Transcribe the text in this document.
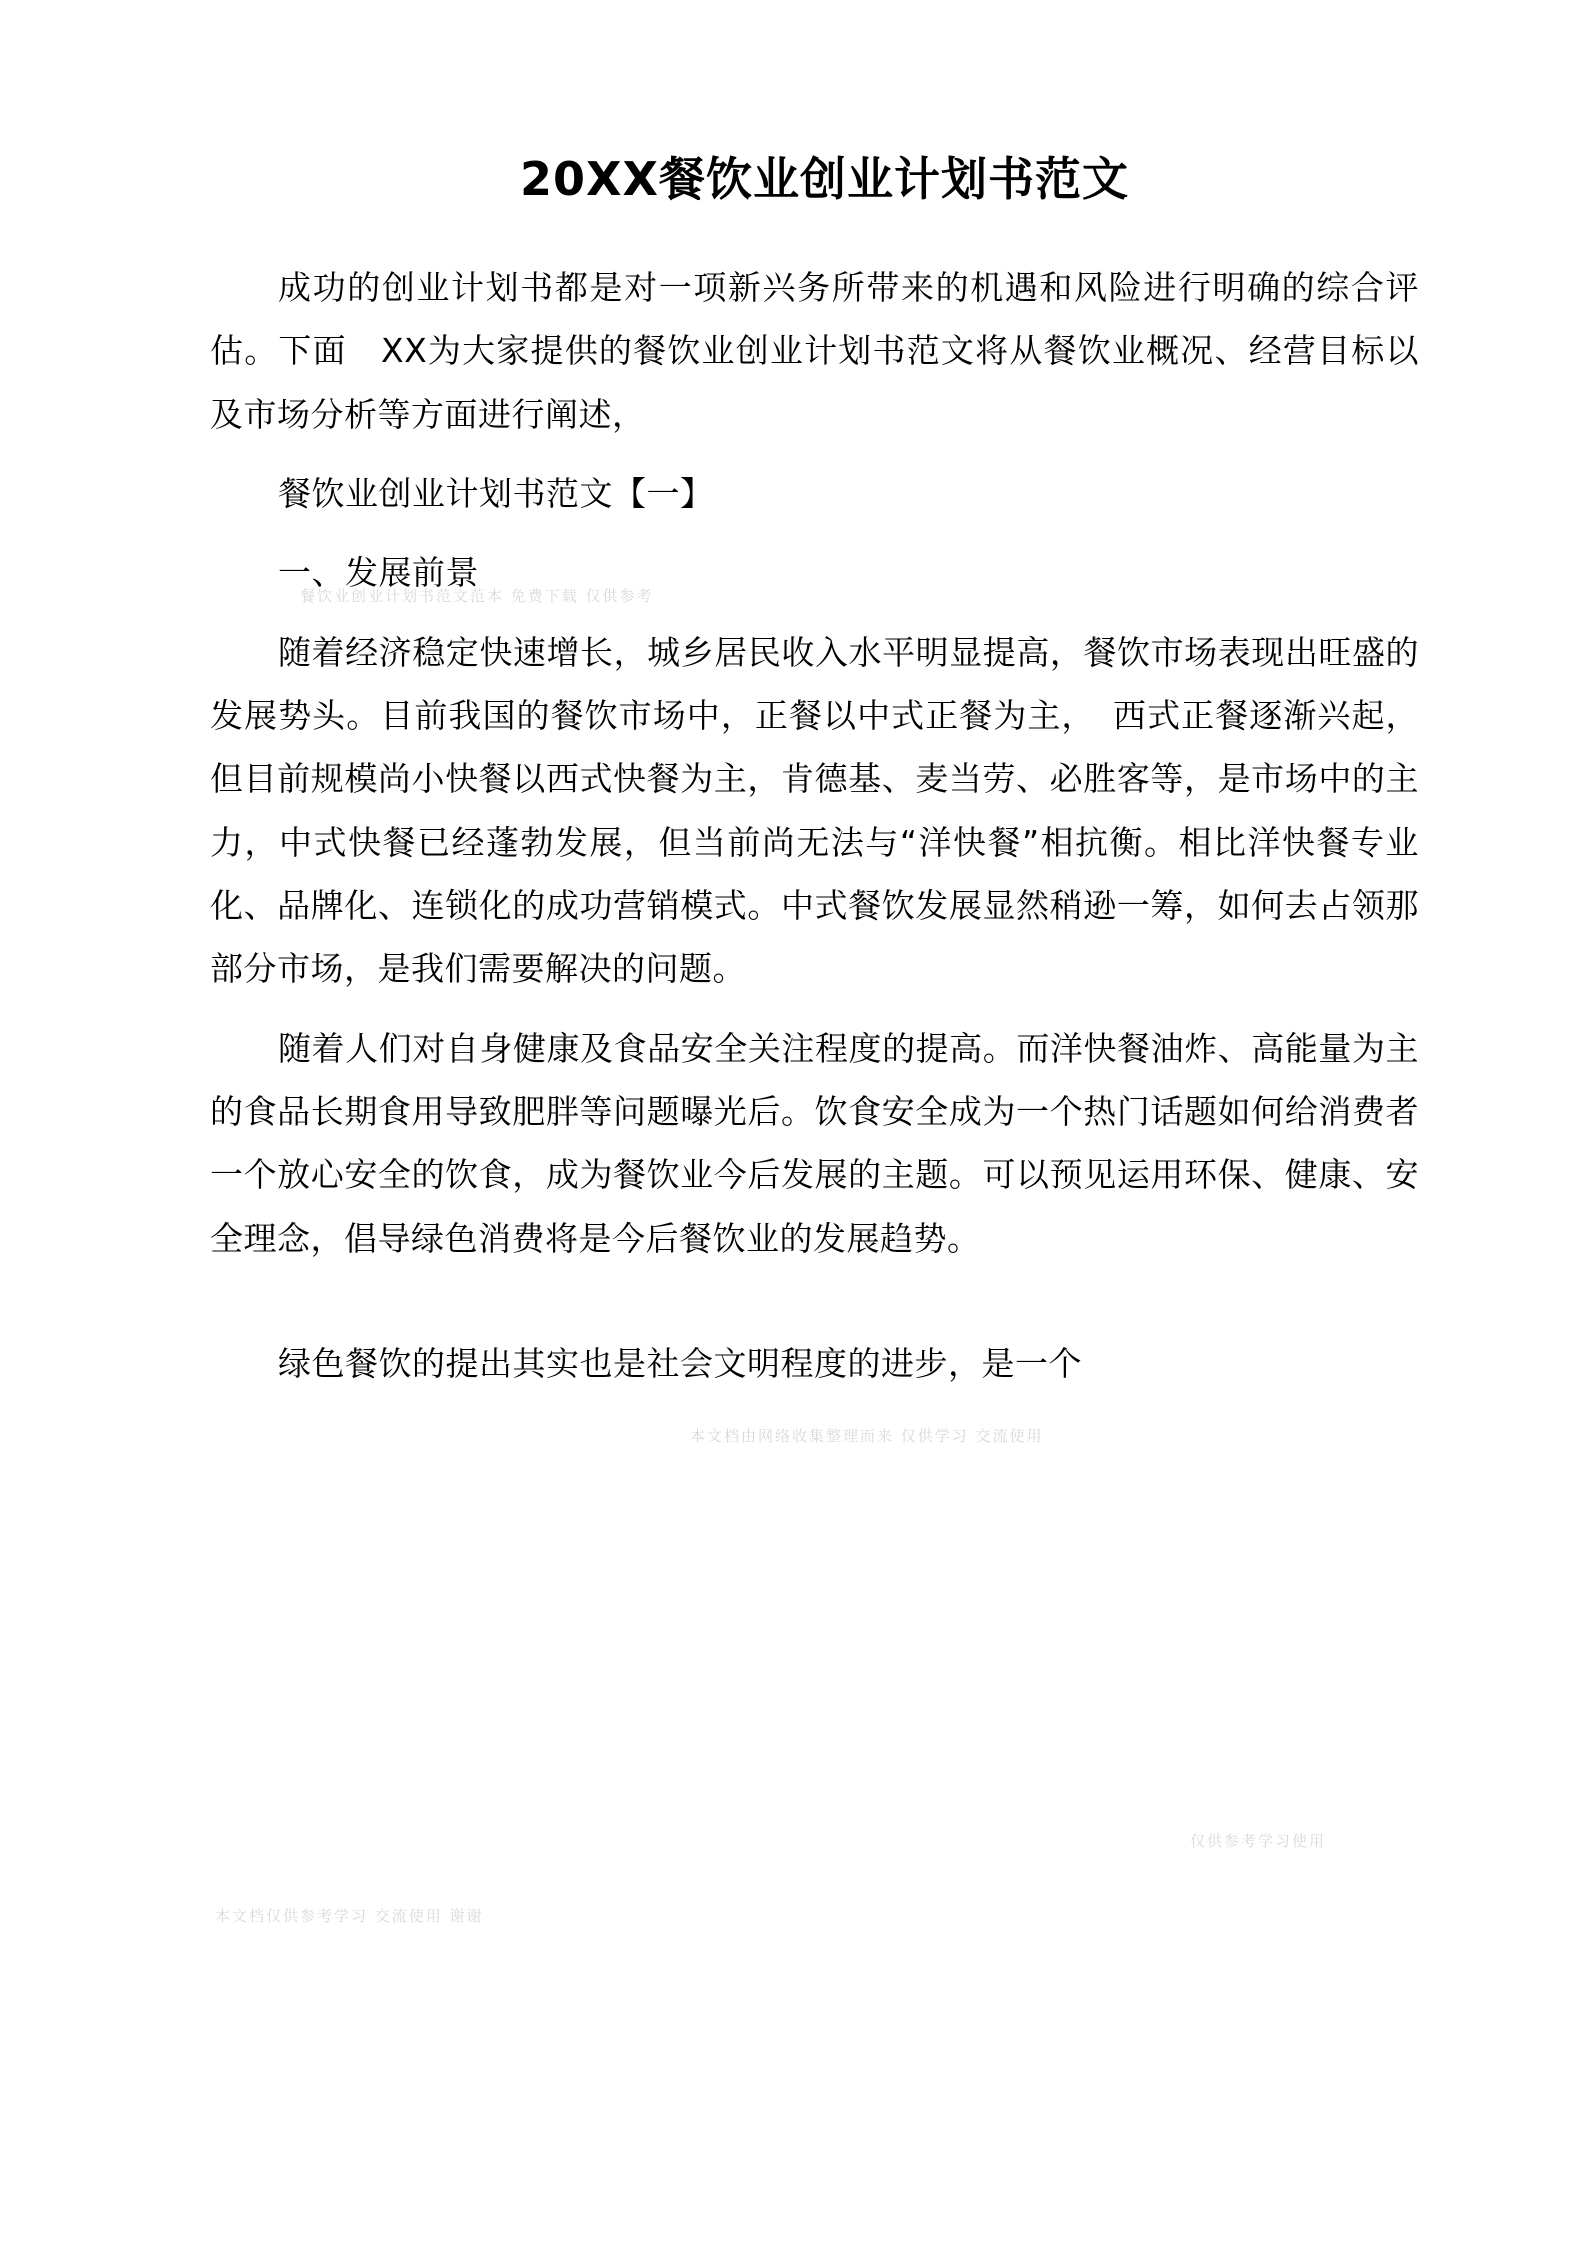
20XX餐饮业创业计划书范文

成功的创业计划书都是对一项新兴务所带来的机遇和风险进行明确的综合评估。下面　XX为大家提供的餐饮业创业计划书范文将从餐饮业概况、经营目标以及市场分析等方面进行阐述，

餐饮业创业计划书范文【一】

一、发展前景

随着经济稳定快速增长，城乡居民收入水平明显提高，餐饮市场表现出旺盛的发展势头。目前我国的餐饮市场中，正餐以中式正餐为主，　西式正餐逐渐兴起，但目前规模尚小快餐以西式快餐为主，肯德基、麦当劳、必胜客等，是市场中的主力，中式快餐已经蓬勃发展，但当前尚无法与“洋快餐”相抗衡。相比洋快餐专业化、品牌化、连锁化的成功营销模式。中式餐饮发展显然稍逊一筹，如何去占领那部分市场，是我们需要解决的问题。

随着人们对自身健康及食品安全关注程度的提高。而洋快餐油炸、高能量为主的食品长期食用导致肥胖等问题曝光后。饮食安全成为一个热门话题如何给消费者一个放心安全的饮食，成为餐饮业今后发展的主题。可以预见运用环保、健康、安全理念，倡导绿色消费将是今后餐饮业的发展趋势。

绿色餐饮的提出其实也是社会文明程度的进步，是一个

餐饮业创业计划书范文范本 免费下载 仅供参考
本文档由网络收集整理而来 仅供学习 交流使用
仅供参考学习使用
本文档仅供参考学习 交流使用 谢谢
